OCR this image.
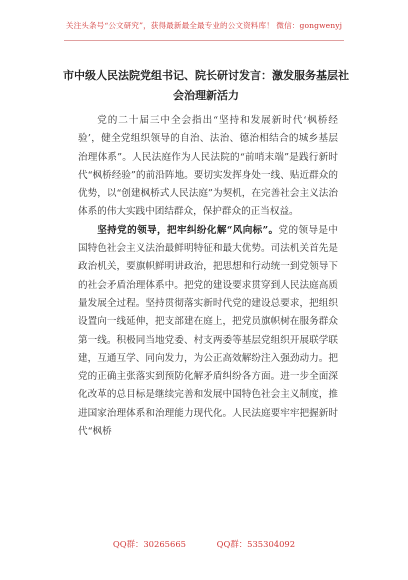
关注头条号“公文研究”，获得最新最全最专业的公文资料库！ 微信：gongwenyj
市中级人民法院党组书记、院长研讨发言：激发服务基层社会治理新活力

党的二十届三中全会指出“坚持和发展新时代‘枫桥经验’，健全党组织领导的自治、法治、德治相结合的城乡基层治理体系”。人民法庭作为人民法院的“前哨末端”是践行新时代“枫桥经验”的前沿阵地。要切实发挥身处一线、贴近群众的优势，以“创建枫桥式人民法庭”为契机，在完善社会主义法治体系的伟大实践中团结群众，保护群众的正当权益。

坚持党的领导，把牢纠纷化解“风向标”。党的领导是中国特色社会主义法治最鲜明特征和最大优势。司法机关首先是政治机关，要旗帜鲜明讲政治，把思想和行动统一到党领导下的社会矛盾治理体系中。把党的建设要求贯穿到人民法庭高质量发展全过程。坚持贯彻落实新时代党的建设总要求，把组织设置向一线延伸，把支部建在庭上，把党员旗帜树在服务群众第一线。积极同当地党委、村支两委等基层党组织开展联学联建，互通互学、同向发力，为公正高效解纷注入强劲动力。把党的正确主张落实到预防化解矛盾纠纷各方面。进一步全面深化改革的总目标是继续完善和发展中国特色社会主义制度，推进国家治理体系和治理能力现代化。人民法庭要牢牢把握新时代“枫桥

QQ群：30265665	QQ群：535304092
